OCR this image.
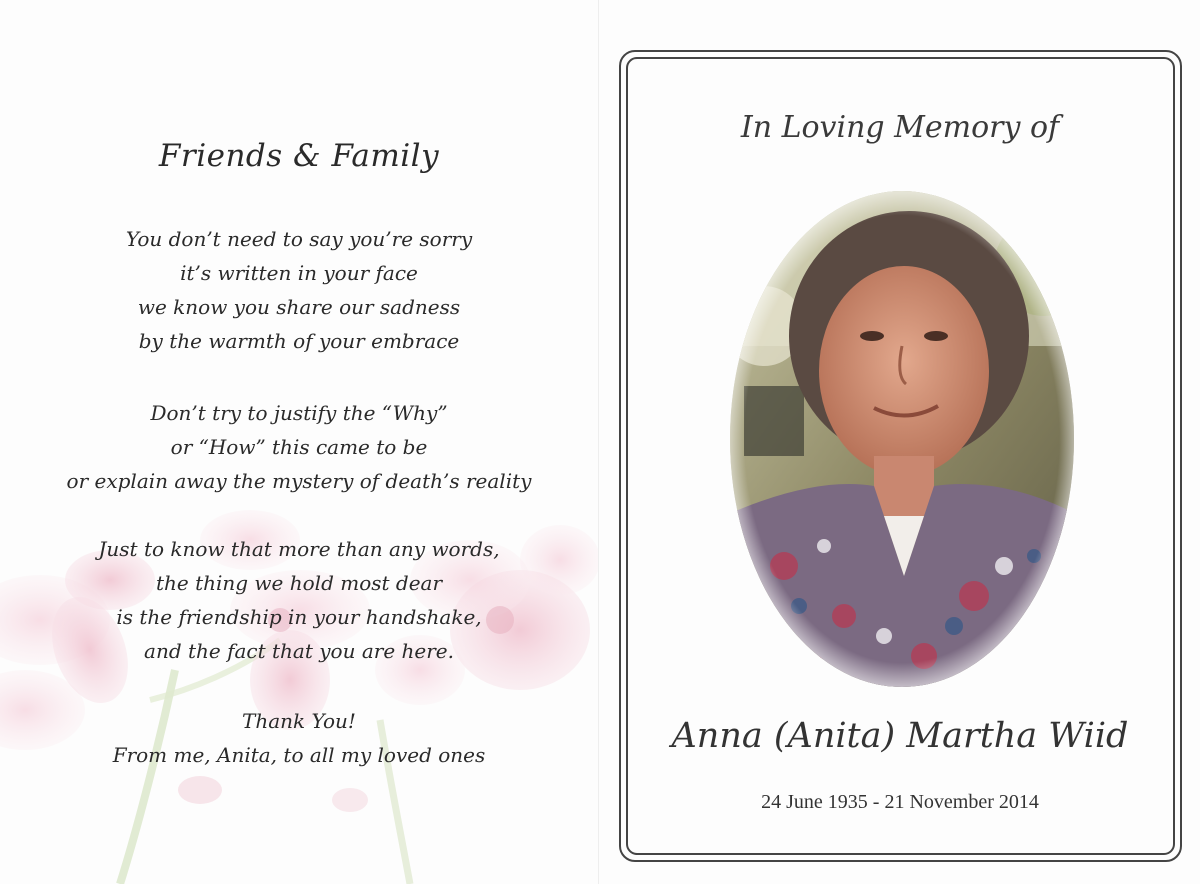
Friends & Family
You don’t need to say you’re sorry
it’s written in your face
we know you share our sadness
by the warmth of your embrace
Don’t try to justify the “Why”
or “How” this came to be
or explain away the mystery of death’s reality
Just to know that more than any words,
the thing we hold most dear
is the friendship in your handshake,
and the fact that you are here.
Thank You!
From me, Anita, to all my loved ones
In Loving Memory of
Anna (Anita) Martha Wiid
24 June 1935 - 21 November 2014
